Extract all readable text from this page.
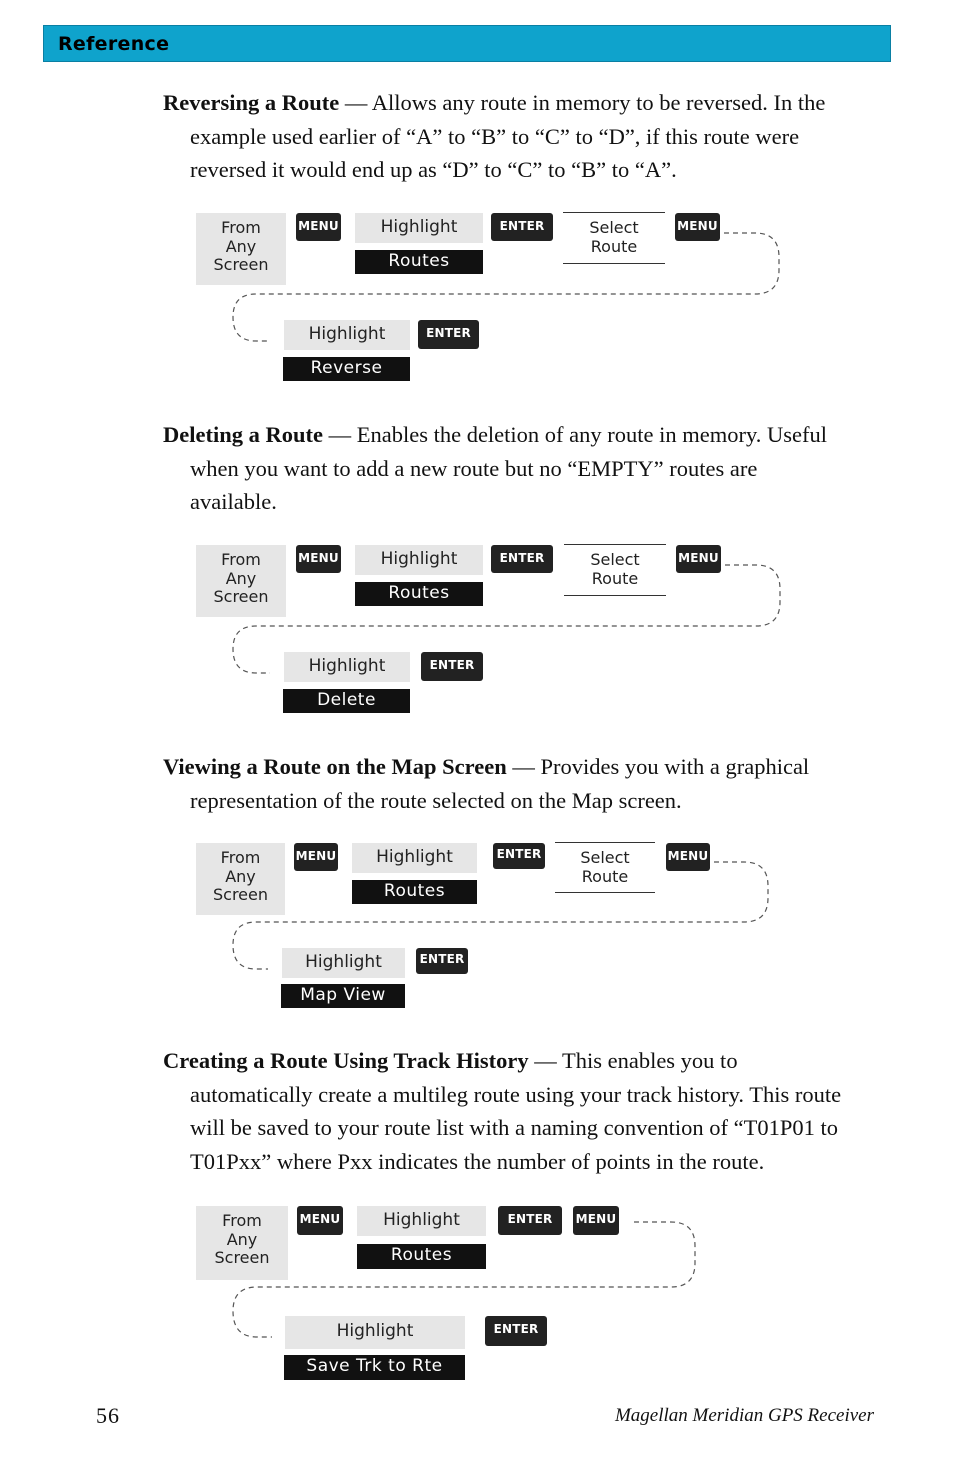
Reference
Reversing a Route — Allows any route in memory to be reversed. In the
example used earlier of “A” to “B” to “C” to “D”, if this route were
reversed it would end up as “D” to “C” to “B” to “A”.
From
Any
Screen
MENU	Highlight
Routes
ENTER	Select
Route
MENU
Highlight
Reverse
ENTER
Deleting a Route — Enables the deletion of any route in memory. Useful
when you want to add a new route but no “EMPTY” routes are
available.
From
Any
Screen
MENU	Highlight
Routes
ENTER	Select
Route
MENU
Highlight
Delete
ENTER
Viewing a Route on the Map Screen — Provides you with a graphical
representation of the route selected on the Map screen.
From
Any
Screen
MENU	Highlight
Routes
ENTER	Select
Route
MENU
Highlight
Map View
ENTER
Creating a Route Using Track History — This enables you to
automatically create a multileg route using your track history. This route
will be saved to your route list with a naming convention of “T01P01 to
T01Pxx” where Pxx indicates the number of points in the route.
From
Any
Screen
MENU	Highlight
Routes
ENTER	MENU
Highlight
Save Trk to Rte
ENTER
56	Magellan Meridian GPS Receiver
